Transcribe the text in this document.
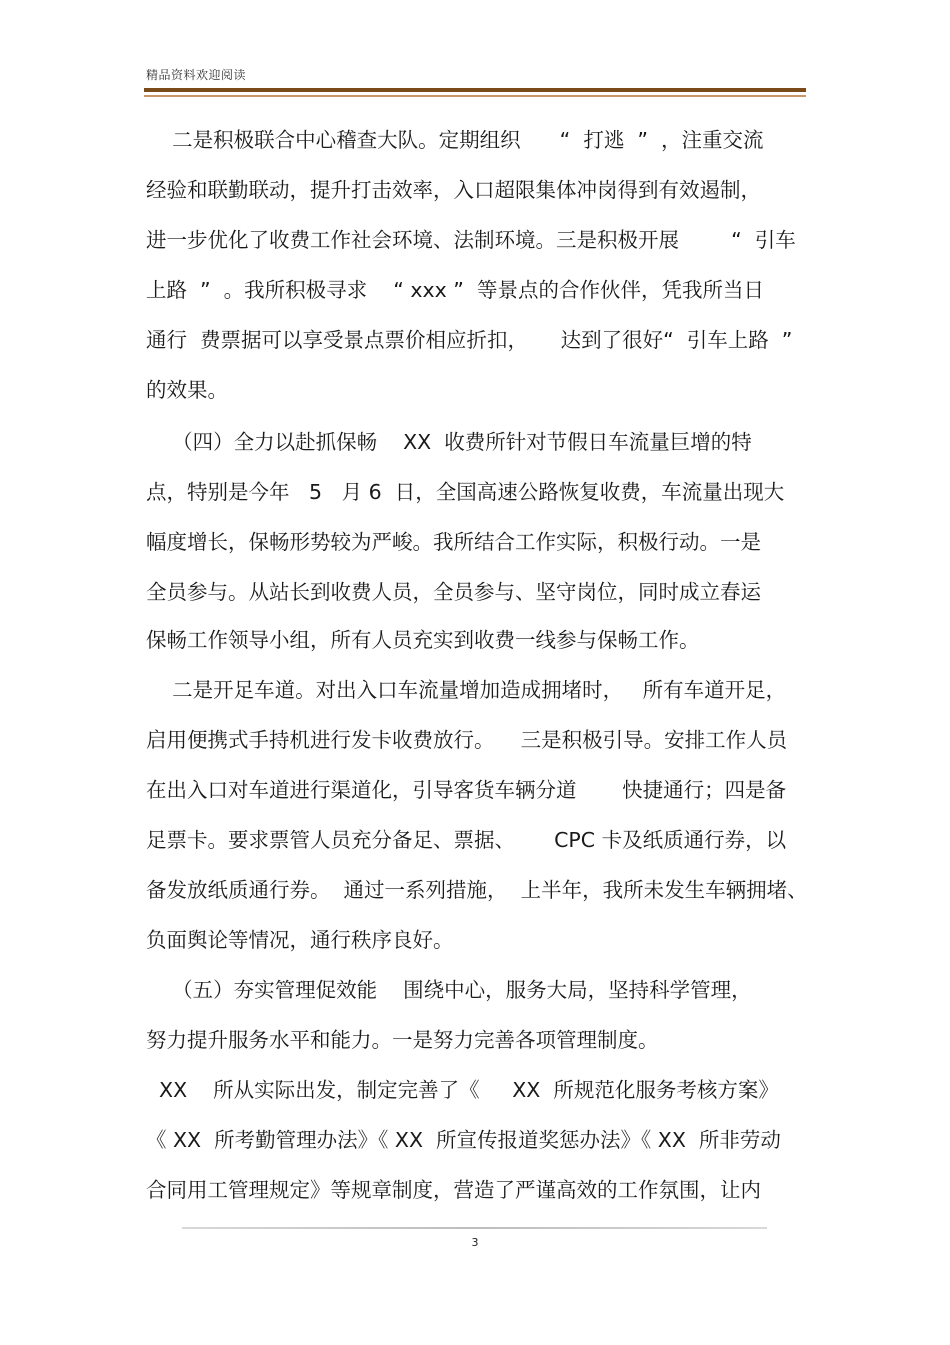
精品资料欢迎阅读
二是积极联合中心稽查大队。定期组织      “  打逃  ”  ，注重交流
经验和联勤联动，提升打击效率，入口超限集体冲岗得到有效遏制，
进一步优化了收费工作社会环境、法制环境。三是积极开展        “  引车
上路  ”  。我所积极寻求    “ xxx ”  等景点的合作伙伴，凭我所当日
通行  费票据可以享受景点票价相应折扣，     达到了很好“  引车上路  ”
的效果。
（四）全力以赴抓保畅    XX  收费所针对节假日车流量巨增的特
点，特别是今年   5   月 6  日，全国高速公路恢复收费，车流量出现大
幅度增长，保畅形势较为严峻。我所结合工作实际，积极行动。一是
全员参与。从站长到收费人员，全员参与、坚守岗位，同时成立春运
保畅工作领导小组，所有人员充实到收费一线参与保畅工作。
二是开足车道。对出入口车流量增加造成拥堵时，   所有车道开足，
启用便携式手持机进行发卡收费放行。    三是积极引导。安排工作人员
在出入口对车道进行渠道化，引导客货车辆分道       快捷通行；四是备
足票卡。要求票管人员充分备足、票据、      CPC 卡及纸质通行券，以
备发放纸质通行券。  通过一系列措施，  上半年，我所未发生车辆拥堵、
负面舆论等情况，通行秩序良好。
（五）夯实管理促效能    围绕中心，服务大局，坚持科学管理，
努力提升服务水平和能力。一是努力完善各项管理制度。
XX    所从实际出发，制定完善了《     XX  所规范化服务考核方案》
《 XX  所考勤管理办法》《 XX  所宣传报道奖惩办法》《 XX  所非劳动
合同用工管理规定》等规章制度，营造了严谨高效的工作氛围，让内
3
